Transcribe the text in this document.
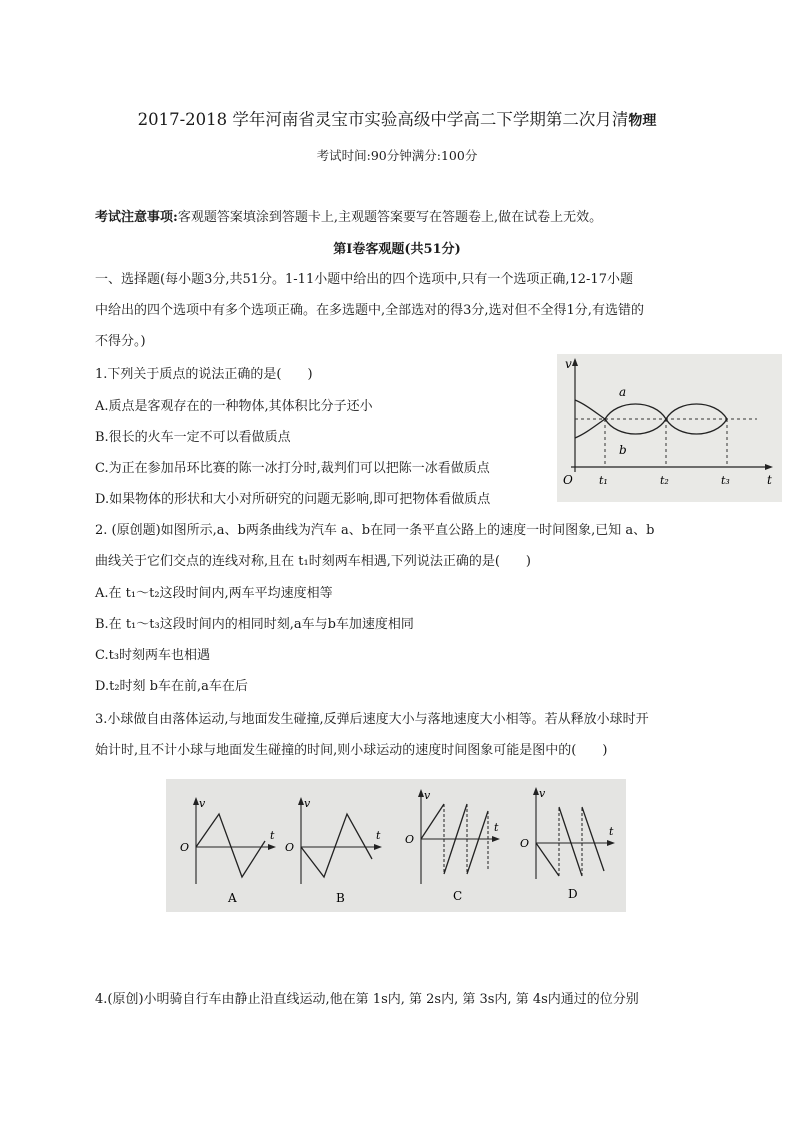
2017-2018 学年河南省灵宝市实验高级中学高二下学期第二次月清物理
考试时间:90分钟满分:100分
考试注意事项:客观题答案填涂到答题卡上,主观题答案要写在答题卷上,做在试卷上无效。
第Ⅰ卷客观题(共51分)
一、选择题(每小题3分,共51分。1-11小题中给出的四个选项中,只有一个选项正确,12-17小题
中给出的四个选项中有多个选项正确。在多选题中,全部选对的得3分,选对但不全得1分,有选错的
不得分。)
1.下列关于质点的说法正确的是(　　)
A.质点是客观存在的一种物体,其体积比分子还小
B.很长的火车一定不可以看做质点
C.为正在参加吊环比赛的陈一冰打分时,裁判们可以把陈一冰看做质点
D.如果物体的形状和大小对所研究的问题无影响,即可把物体看做质点
v
a
b
O	t
t₁	t₂	t₃
2. (原创题)如图所示,a、b两条曲线为汽车 a、b在同一条平直公路上的速度一时间图象,已知 a、b
曲线关于它们交点的连线对称,且在 t₁时刻两车相遇,下列说法正确的是(　　)
A.在 t₁～t₂这段时间内,两车平均速度相等
B.在 t₁～t₃这段时间内的相同时刻,a车与b车加速度相同
C.t₃时刻两车也相遇
D.t₂时刻 b车在前,a车在后
3.小球做自由落体运动,与地面发生碰撞,反弹后速度大小与落地速度大小相等。若从释放小球时开
始计时,且不计小球与地面发生碰撞的时间,则小球运动的速度时间图象可能是图中的(　　)
v
t
O
A
v
t
O
B
v
t
O
C
v
t
O
D
4.(原创)小明骑自行车由静止沿直线运动,他在第 1s内, 第 2s内, 第 3s内, 第 4s内通过的位分别
